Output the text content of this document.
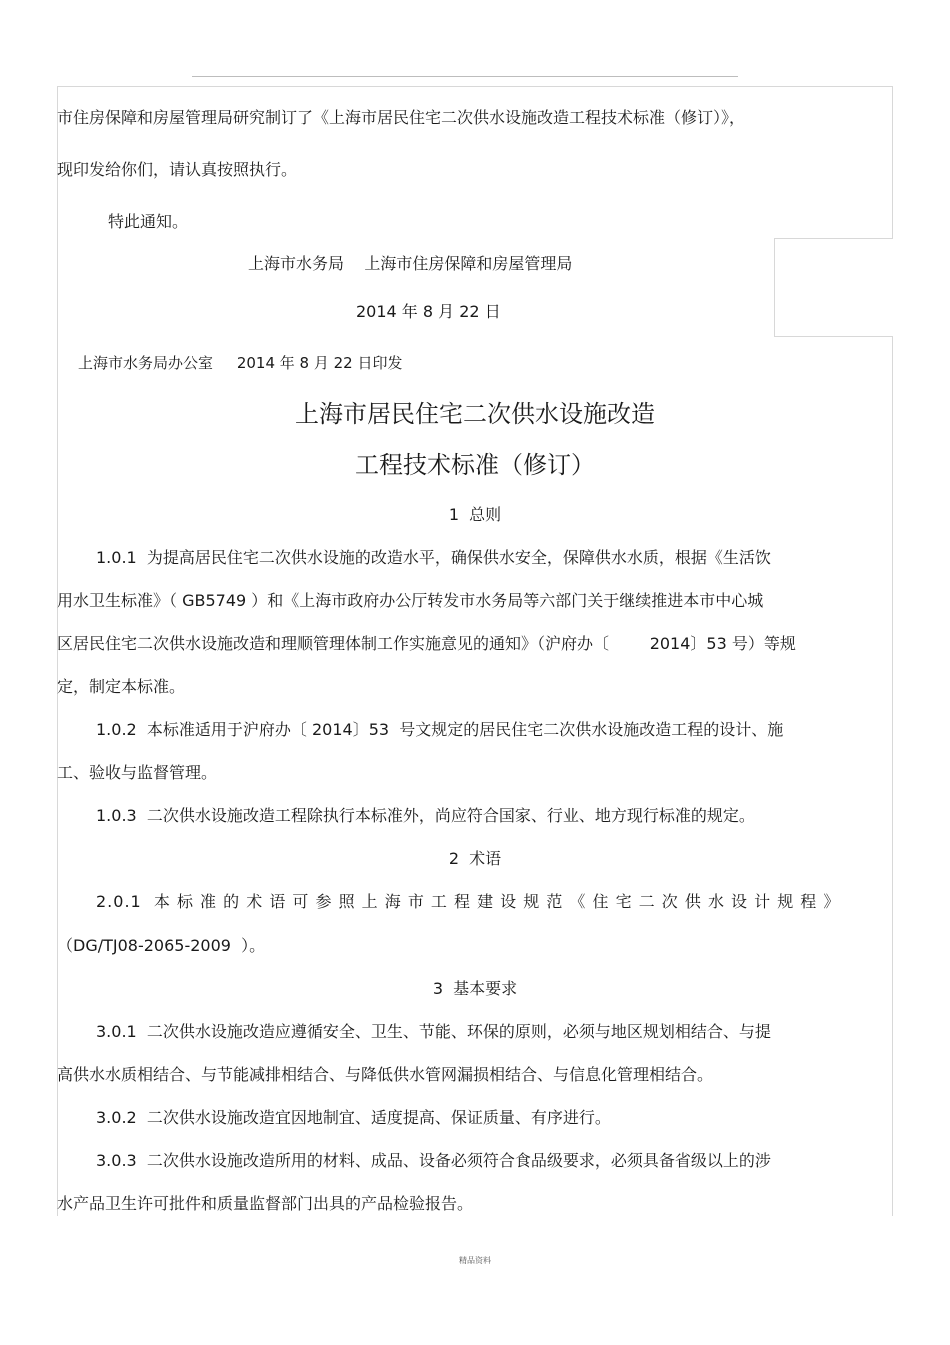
市住房保障和房屋管理局研究制订了《上海市居民住宅二次供水设施改造工程技术标准（修订）》，
现印发给你们，请认真按照执行。
特此通知。
上海市水务局    上海市住房保障和房屋管理局
2014 年 8 月 22 日
上海市水务局办公室     2014 年 8 月 22 日印发
上海市居民住宅二次供水设施改造
工程技术标准（修订）
1  总则
1.0.1  为提高居民住宅二次供水设施的改造水平，确保供水安全，保障供水水质，根据《生活饮
用水卫生标准》（ GB5749 ）和《上海市政府办公厅转发市水务局等六部门关于继续推进本市中心城
区居民住宅二次供水设施改造和理顺管理体制工作实施意见的通知》（沪府办〔        2014〕53 号）等规
定，制定本标准。
1.0.2  本标准适用于沪府办〔 2014〕53  号文规定的居民住宅二次供水设施改造工程的设计、施
工、验收与监督管理。
1.0.3  二次供水设施改造工程除执行本标准外，尚应符合国家、行业、地方现行标准的规定。
2  术语
2.0.1  本 标 准 的 术 语 可 参 照 上 海 市 工 程 建 设 规 范 《 住 宅 二 次 供 水 设 计 规 程 》
（DG/TJ08-2065-2009  ）。
3  基本要求
3.0.1  二次供水设施改造应遵循安全、卫生、节能、环保的原则，必须与地区规划相结合、与提
高供水水质相结合、与节能减排相结合、与降低供水管网漏损相结合、与信息化管理相结合。
3.0.2  二次供水设施改造宜因地制宜、适度提高、保证质量、有序进行。
3.0.3  二次供水设施改造所用的材料、成品、设备必须符合食品级要求，必须具备省级以上的涉
水产品卫生许可批件和质量监督部门出具的产品检验报告。
精品资料
